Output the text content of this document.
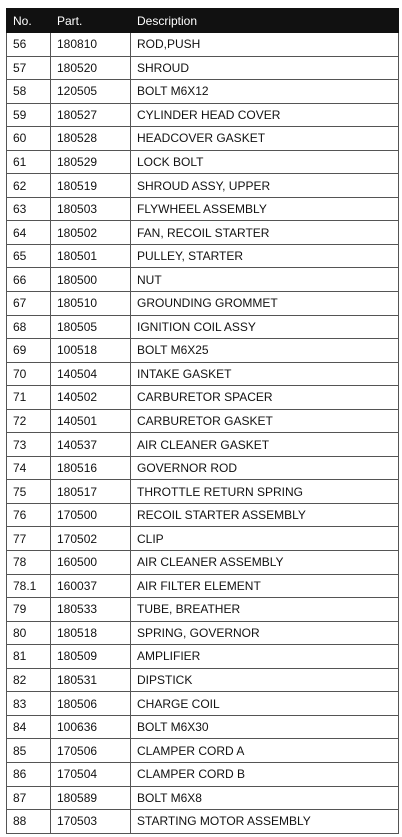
No.	Part.	Description
56	180810	ROD,PUSH
57	180520	SHROUD
58	120505	BOLT M6X12
59	180527	CYLINDER HEAD COVER
60	180528	HEADCOVER GASKET
61	180529	LOCK BOLT
62	180519	SHROUD ASSY, UPPER
63	180503	FLYWHEEL ASSEMBLY
64	180502	FAN, RECOIL STARTER
65	180501	PULLEY, STARTER
66	180500	NUT
67	180510	GROUNDING GROMMET
68	180505	IGNITION COIL ASSY
69	100518	BOLT M6X25
70	140504	INTAKE GASKET
71	140502	CARBURETOR SPACER
72	140501	CARBURETOR GASKET
73	140537	AIR CLEANER GASKET
74	180516	GOVERNOR ROD
75	180517	THROTTLE RETURN SPRING
76	170500	RECOIL STARTER ASSEMBLY
77	170502	CLIP
78	160500	AIR CLEANER ASSEMBLY
78.1	160037	AIR FILTER ELEMENT
79	180533	TUBE, BREATHER
80	180518	SPRING, GOVERNOR
81	180509	AMPLIFIER
82	180531	DIPSTICK
83	180506	CHARGE COIL
84	100636	BOLT M6X30
85	170506	CLAMPER CORD A
86	170504	CLAMPER CORD B
87	180589	BOLT M6X8
88	170503	STARTING MOTOR ASSEMBLY
